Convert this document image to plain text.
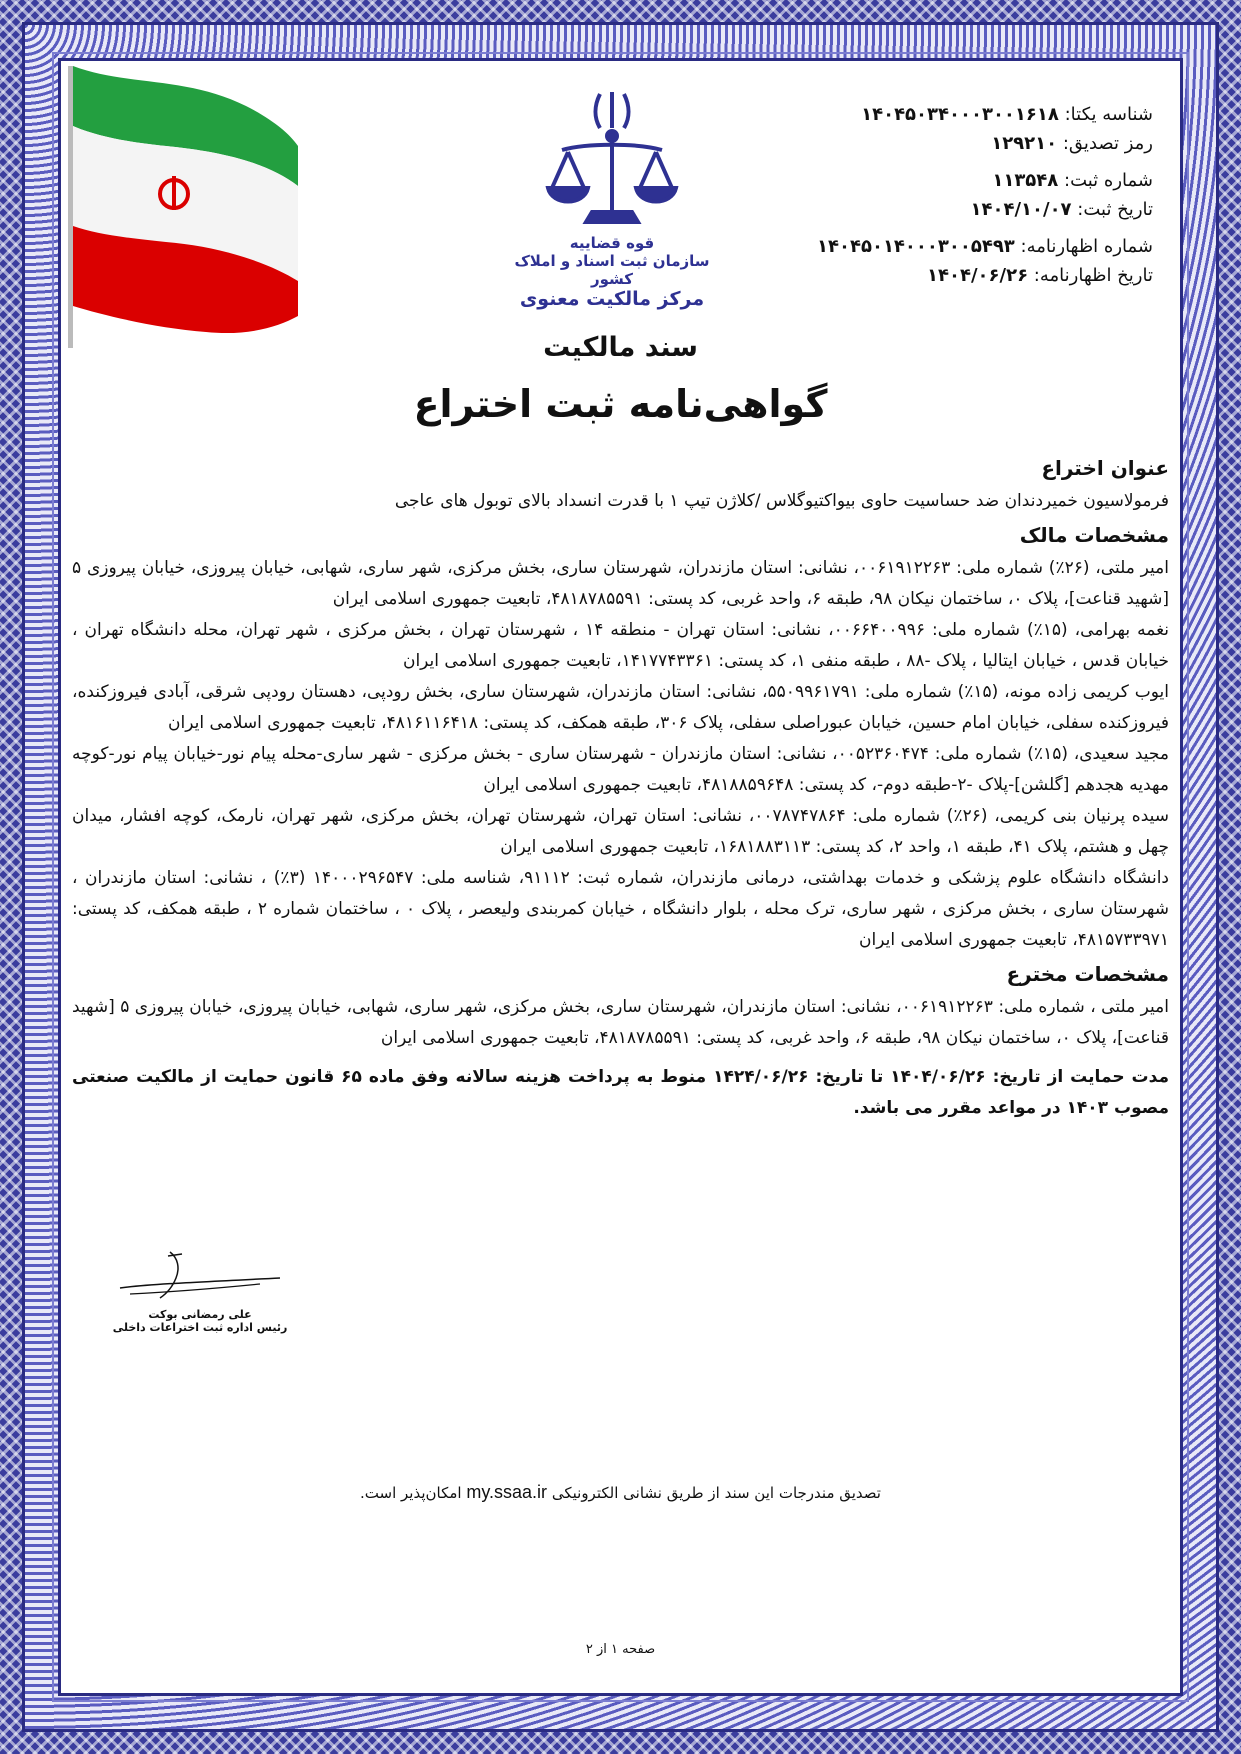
قوه قضاییه
سازمان ثبت اسناد و املاک کشور
مرکز مالکیت معنوی
شناسه یکتا: ۱۴۰۴۵۰۳۴۰۰۰۳۰۰۱۶۱۸
رمز تصدیق: ۱۲۹۲۱۰
شماره ثبت: ۱۱۳۵۴۸
تاریخ ثبت: ۱۴۰۴/۱۰/۰۷
شماره اظهارنامه: ۱۴۰۴۵۰۱۴۰۰۰۳۰۰۵۴۹۳
تاریخ اظهارنامه: ۱۴۰۴/۰۶/۲۶
سند مالکیت
گواهی‌نامه ثبت اختراع
عنوان اختراع

فرمولاسیون خمیردندان ضد حساسیت حاوی بیواکتیوگلاس /کلاژن تیپ ۱ با قدرت انسداد بالای توبول های عاجی

مشخصات مالک

امیر ملتی، (۲۶٪) شماره ملی: ۰۰۶۱۹۱۲۲۶۳، نشانی: استان مازندران، شهرستان ساری، بخش مرکزی، شهر ساری، شهابی، خیابان پیروزی، خیابان پیروزی ۵ [شهید قناعت]، پلاک ۰، ساختمان نیکان ۹۸، طبقه ۶، واحد غربی، کد پستی: ۴۸۱۸۷۸۵۵۹۱، تابعیت جمهوری اسلامی ایران

نغمه بهرامی، (۱۵٪) شماره ملی: ۰۰۶۶۴۰۰۹۹۶، نشانی: استان تهران - منطقه ۱۴ ، شهرستان تهران ، بخش مرکزی ، شهر تهران، محله دانشگاه تهران ، خیابان قدس ، خیابان ایتالیا ، پلاک -۸۸ ، طبقه منفی ۱، کد پستی: ۱۴۱۷۷۴۳۳۶۱، تابعیت جمهوری اسلامی ایران

ایوب کریمی زاده مونه، (۱۵٪) شماره ملی: ۵۵۰۹۹۶۱۷۹۱، نشانی: استان مازندران، شهرستان ساری، بخش رودپی، دهستان رودپی شرقی، آبادی فیروزکنده، فیروزکنده سفلی، خیابان امام حسین، خیابان عبوراصلی سفلی، پلاک ۳۰۶، طبقه همکف، کد پستی: ۴۸۱۶۱۱۶۴۱۸، تابعیت جمهوری اسلامی ایران

مجید سعیدی، (۱۵٪) شماره ملی: ۰۰۵۲۳۶۰۴۷۴، نشانی: استان مازندران - شهرستان ساری - بخش مرکزی - شهر ساری-محله پیام نور-خیابان پیام نور-کوچه مهدیه هجدهم [گلشن]-پلاک -۲-طبقه دوم-، کد پستی: ۴۸۱۸۸۵۹۶۴۸، تابعیت جمهوری اسلامی ایران

سیده پرنیان بنی کریمی، (۲۶٪) شماره ملی: ۰۰۷۸۷۴۷۸۶۴، نشانی: استان تهران، شهرستان تهران، بخش مرکزی، شهر تهران، نارمک، کوچه افشار، میدان چهل و هشتم، پلاک ۴۱، طبقه ۱، واحد ۲، کد پستی: ۱۶۸۱۸۸۳۱۱۳، تابعیت جمهوری اسلامی ایران

دانشگاه دانشگاه علوم پزشکی و خدمات بهداشتی، درمانی مازندران، شماره ثبت: ۹۱۱۱۲، شناسه ملی: ۱۴۰۰۰۲۹۶۵۴۷ (۳٪) ، نشانی: استان مازندران ، شهرستان ساری ، بخش مرکزی ، شهر ساری، ترک محله ، بلوار دانشگاه ، خیابان کمربندی ولیعصر ، پلاک ۰ ، ساختمان شماره ۲ ، طبقه همکف، کد پستی: ۴۸۱۵۷۳۳۹۷۱، تابعیت جمهوری اسلامی ایران

مشخصات مخترع

امیر ملتی ، شماره ملی: ۰۰۶۱۹۱۲۲۶۳، نشانی: استان مازندران، شهرستان ساری، بخش مرکزی، شهر ساری، شهابی، خیابان پیروزی، خیابان پیروزی ۵ [شهید قناعت]، پلاک ۰، ساختمان نیکان ۹۸، طبقه ۶، واحد غربی، کد پستی: ۴۸۱۸۷۸۵۵۹۱، تابعیت جمهوری اسلامی ایران

مدت حمایت از تاریخ: ۱۴۰۴/۰۶/۲۶ تا تاریخ: ۱۴۲۴/۰۶/۲۶ منوط به پرداخت هزینه سالانه وفق ماده ۶۵ قانون حمایت از مالکیت صنعتی مصوب ۱۴۰۳ در مواعد مقرر می باشد.

علی رمضانی بوکت
رئیس اداره ثبت اختراعات داخلی
تصدیق مندرجات این سند از طریق نشانی الکترونیکی my.ssaa.ir امکان‌پذیر است.
صفحه ۱ از ۲
